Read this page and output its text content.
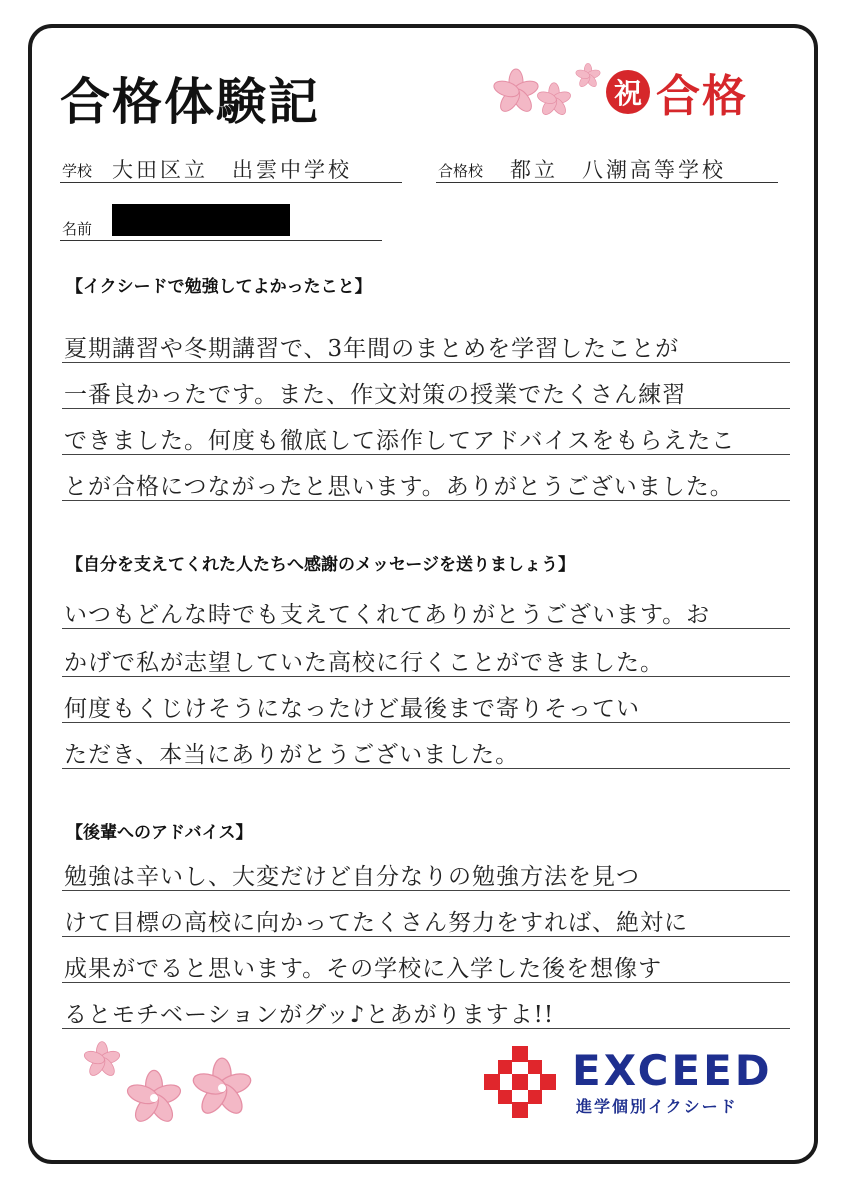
合格体験記	祝 合格
学校 大田区立　出雲中学校	合格校 都立　八潮高等学校
名前
【イクシードで勉強してよかったこと】
夏期講習や冬期講習で、3年間のまとめを学習したことが
一番良かったです。また、作文対策の授業でたくさん練習
できました。何度も徹底して添作してアドバイスをもらえたこ
とが合格につながったと思います。ありがとうございました。
【自分を支えてくれた人たちへ感謝のメッセージを送りましょう】
いつもどんな時でも支えてくれてありがとうございます。お
かげで私が志望していた高校に行くことができました。
何度もくじけそうになったけど最後まで寄りそってい
ただき、本当にありがとうございました。
【後輩へのアドバイス】
勉強は辛いし、大変だけど自分なりの勉強方法を見つ
けて目標の高校に向かってたくさん努力をすれば、絶対に
成果がでると思います。その学校に入学した後を想像す
るとモチベーションがグッ♪とあがりますよ!!
EXCEED
進学個別イクシード
